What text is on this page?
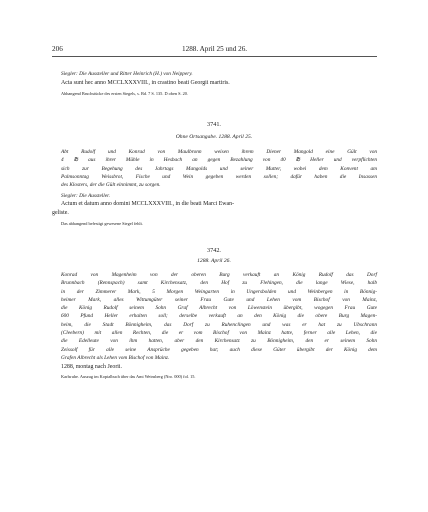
206	1288. April 25 und 26.
Siegler: Die Aussteller und Ritter Heinrich (H.) von Neippery.
Acta sunt hec anno MCCLXXXVIII., in crastino beati Georgii martiris.
Abhangend Bruchstücke des ersten Siegels, s. Bd. 7 S. 135. D oben S. 20.
3741.
Ohne Ortsangabe. 1288. April 25.
Abt Rudolf und Konrad von Maulbronn weisen ihrem Diener Mangold eine Gült von
4 ℔ aus ihrer Mühle in Hesbach an gegen Bezahlung von 40 ℔ Heller und verpflichten
sich zur Begehung des Jahrtags Mangolds und seiner Mutter, wobei dem Konvent am
Palmsonntag Weissbrot, Fische und Wein gegeben werden sollen; dafür haben die Insassen
des Klosters, der die Gült einnimmt, zu sorgen.
Siegler: Die Aussteller.
Actum et datum anno domini MCCLXXXVIII., in die beati Marci Ewan-
geliste.
Das abhangend befestigt gewesene Siegel fehlt.
3742.
1288. April 26.
Konrad von Magenheim von der oberen Burg verkauft an König Rudolf das Dorf
Brunnbach (Rennspach) samt Kirchensatz, den Hof zu Flehingen, die lange Wiese, halb
in der Zimmerer Mark, 5 Morgen Weingarten in Ungersbolden und Weinbergen in Bönnig-
heimer Mark, alles Wittumgüter seiner Frau Gute und Lehen vom Bischof von Mainz,
die König Rudolf seinem Sohn Graf Albrecht von Löwenstein übergibt, wogegen Frau Gute
600 Pfund Heller erhalten soll; derselbe verkauft an den König die obere Burg Magen-
heim, die Stadt Bönnigheim, das Dorf zu Ruhenclingen und was er hat zu Ubschrann
(Cleebern) mit allen Rechten, die er vom Bischof von Mainz hatte, ferner alle Lehen, die
die Edelleute von ihm hatten, aber den Kirchensatz zu Bönnigheim, den er seinem Sohn
Zeissolf für alle seine Ansprüche gegeben hat; auch diese Güter übergibt der König dem
Grafen Albrecht als Lehen vom Bischof von Mainz.
1288, montag nach Jeorii.
Karlsruhe. Auszug im Kopialbuch über das Amt Weinsberg (Nro. 000) fol. 15.
